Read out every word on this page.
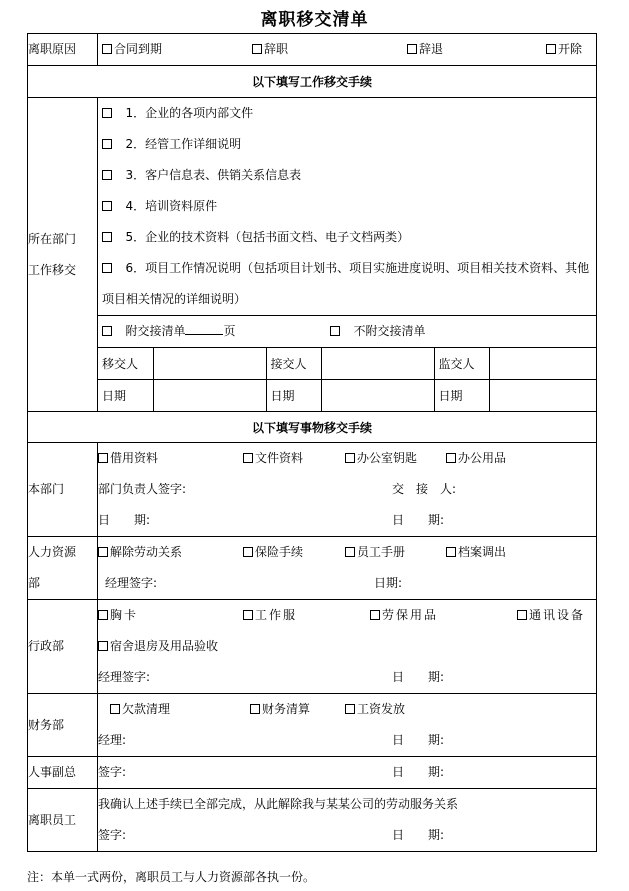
离职移交清单
离职原因	合同到期	辞职	辞退	开除

以下填写工作移交手续

所在部门
工作移交

1．企业的各项内部文件
2．经管工作详细说明
3．客户信息表、供销关系信息表
4．培训资料原件
5．企业的技术资料（包括书面文档、电子文档两类）
6．项目工作情况说明（包括项目计划书、项目实施进度说明、项目相关技术资料、其他
项目相关情况的详细说明）
附交接清单	页	不附交接清单
移交人		接交人		监交人	
日期		日期		日期	

以下填写事物移交手续
本部门	
借用资料	文件资料	办公室钥匙	办公用品
部门负责人签字:	交　接　人:
日　　期:	日　　期:

人力资源
部

解除劳动关系	保险手续	员工手册	档案调出
经理签字:	日期:

行政部	
胸卡	工作服	劳保用品	通讯设备
宿舍退房及用品验收
经理签字:	日　　期:

财务部	
欠款清理	财务清算	工资发放
经理:	日　　期:

人事副总	签字:	日　　期:

离职员工	
我确认上述手续已全部完成，从此解除我与某某公司的劳动服务关系
签字:	日　　期:
注：本单一式两份，离职员工与人力资源部各执一份。
